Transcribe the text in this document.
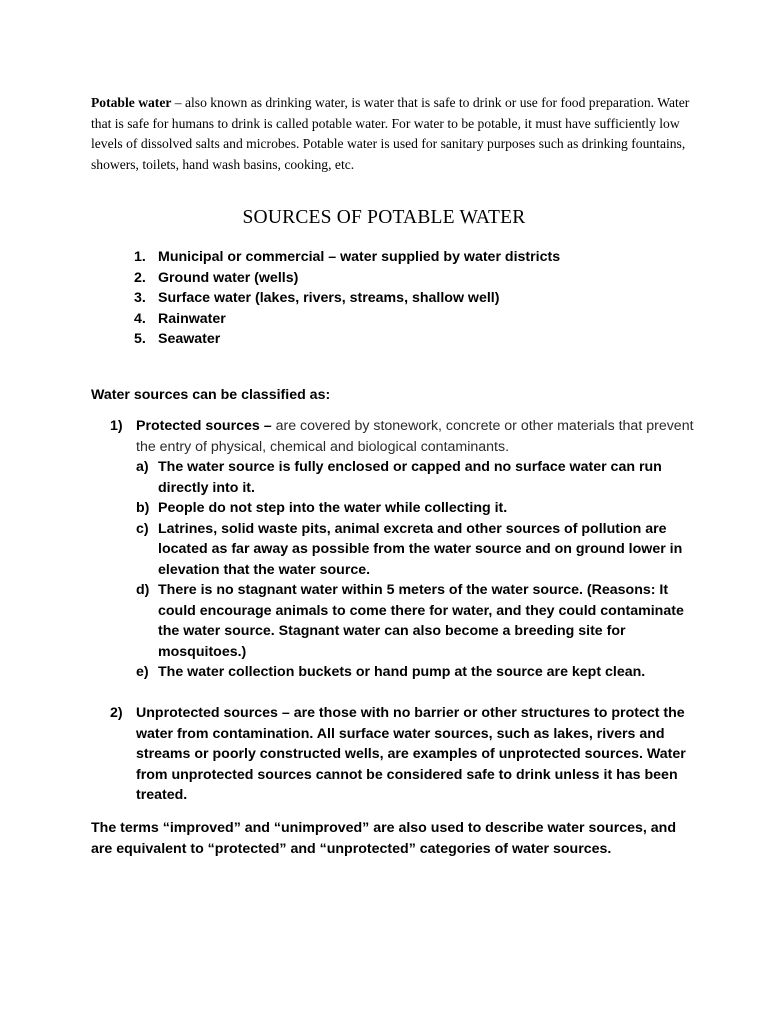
Potable water – also known as drinking water, is water that is safe to drink or use for food preparation. Water that is safe for humans to drink is called potable water. For water to be potable, it must have sufficiently low levels of dissolved salts and microbes. Potable water is used for sanitary purposes such as drinking fountains, showers, toilets, hand wash basins, cooking, etc.

SOURCES OF POTABLE WATER
1. Municipal or commercial – water supplied by water districts
2. Ground water (wells)
3. Surface water (lakes, rivers, streams, shallow well)
4. Rainwater
5. Seawater
Water sources can be classified as:
1) Protected sources – are covered by stonework, concrete or other materials that prevent the entry of physical, chemical and biological contaminants.
a) The water source is fully enclosed or capped and no surface water can run directly into it.
b) People do not step into the water while collecting it.
c) Latrines, solid waste pits, animal excreta and other sources of pollution are located as far away as possible from the water source and on ground lower in elevation that the water source.
d) There is no stagnant water within 5 meters of the water source. (Reasons: It could encourage animals to come there for water, and they could contaminate the water source. Stagnant water can also become a breeding site for mosquitoes.)
e) The water collection buckets or hand pump at the source are kept clean.
2) Unprotected sources – are those with no barrier or other structures to protect the water from contamination. All surface water sources, such as lakes, rivers and streams or poorly constructed wells, are examples of unprotected sources. Water from unprotected sources cannot be considered safe to drink unless it has been treated.

The terms “improved” and “unimproved” are also used to describe water sources, and are equivalent to “protected” and “unprotected” categories of water sources.
